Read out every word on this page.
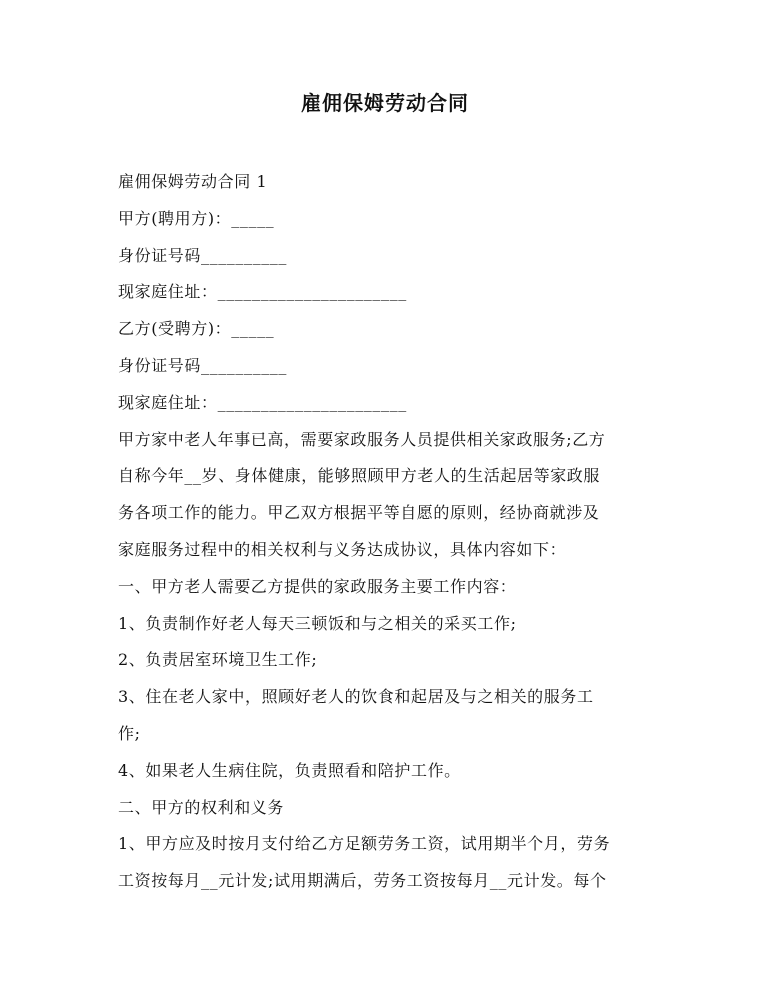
雇佣保姆劳动合同
雇佣保姆劳动合同 1
甲方(聘用方)：_____
身份证号码__________
现家庭住址：______________________
乙方(受聘方)：_____
身份证号码__________
现家庭住址：______________________
甲方家中老人年事已高，需要家政服务人员提供相关家政服务;乙方
自称今年__岁、身体健康，能够照顾甲方老人的生活起居等家政服
务各项工作的能力。甲乙双方根据平等自愿的原则，经协商就涉及
家庭服务过程中的相关权利与义务达成协议，具体内容如下：
一、甲方老人需要乙方提供的家政服务主要工作内容：
1、负责制作好老人每天三顿饭和与之相关的采买工作;
2、负责居室环境卫生工作;
3、住在老人家中，照顾好老人的饮食和起居及与之相关的服务工
作;
4、如果老人生病住院，负责照看和陪护工作。
二、甲方的权利和义务
1、甲方应及时按月支付给乙方足额劳务工资，试用期半个月，劳务
工资按每月__元计发;试用期满后，劳务工资按每月__元计发。每个
